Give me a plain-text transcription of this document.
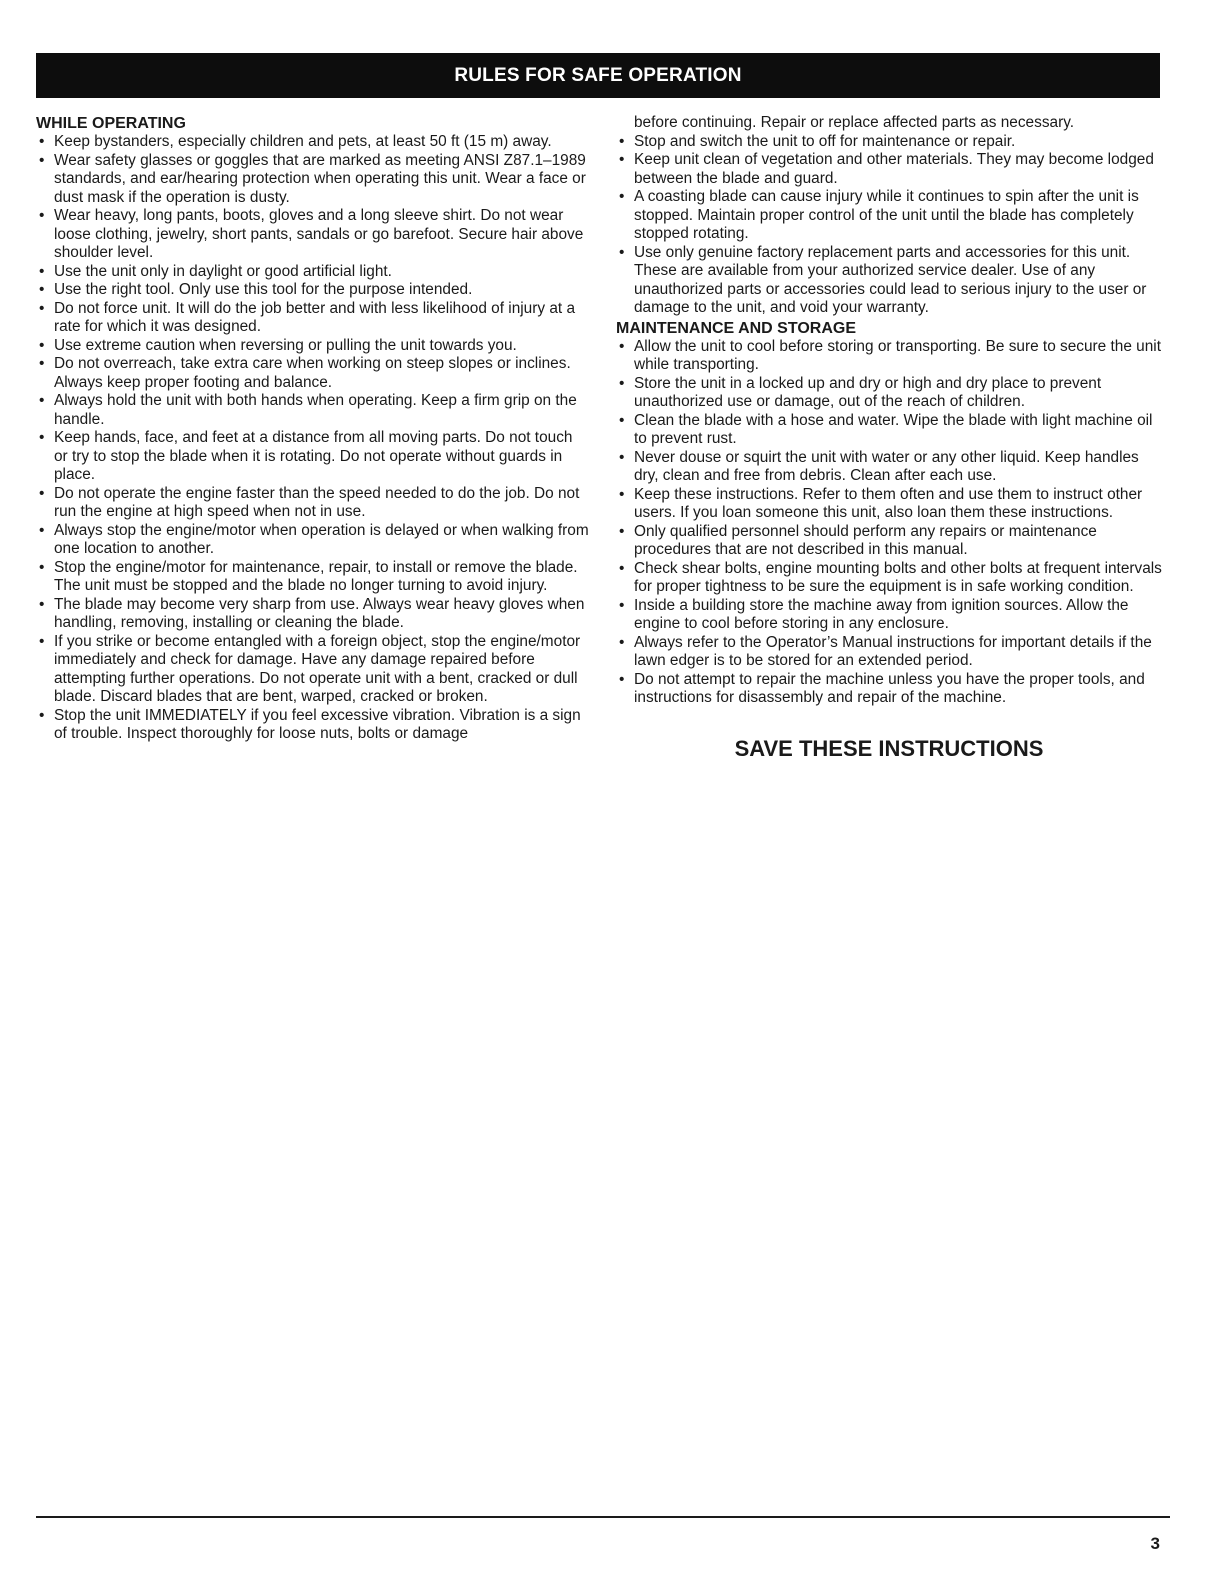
RULES FOR SAFE OPERATION
WHILE OPERATING
• Keep bystanders, especially children and pets, at least 50 ft (15 m) away.
• Wear safety glasses or goggles that are marked as meeting ANSI Z87.1–1989 standards, and ear/hearing protection when operating this unit. Wear a face or dust mask if the operation is dusty.
• Wear heavy, long pants, boots, gloves and a long sleeve shirt. Do not wear loose clothing, jewelry, short pants, sandals or go barefoot. Secure hair above shoulder level.
• Use the unit only in daylight or good artificial light.
• Use the right tool. Only use this tool for the purpose intended.
• Do not force unit. It will do the job better and with less likelihood of injury at a rate for which it was designed.
• Use extreme caution when reversing or pulling the unit towards you.
• Do not overreach, take extra care when working on steep slopes or inclines. Always keep proper footing and balance.
• Always hold the unit with both hands when operating. Keep a firm grip on the handle.
• Keep hands, face, and feet at a distance from all moving parts. Do not touch or try to stop the blade when it is rotating. Do not operate without guards in place.
• Do not operate the engine faster than the speed needed to do the job. Do not run the engine at high speed when not in use.
• Always stop the engine/motor when operation is delayed or when walking from one location to another.
• Stop the engine/motor for maintenance, repair, to install or remove the blade. The unit must be stopped and the blade no longer turning to avoid injury.
• The blade may become very sharp from use. Always wear heavy gloves when handling, removing, installing or cleaning the blade.
• If you strike or become entangled with a foreign object, stop the engine/motor immediately and check for damage. Have any damage repaired before attempting further operations. Do not operate unit with a bent, cracked or dull blade. Discard blades that are bent, warped, cracked or broken.
• Stop the unit IMMEDIATELY if you feel excessive vibration. Vibration is a sign of trouble. Inspect thoroughly for loose nuts, bolts or damage
before continuing. Repair or replace affected parts as necessary.
• Stop and switch the unit to off for maintenance or repair.
• Keep unit clean of vegetation and other materials. They may become lodged between the blade and guard.
• A coasting blade can cause injury while it continues to spin after the unit is stopped. Maintain proper control of the unit until the blade has completely stopped rotating.
• Use only genuine factory replacement parts and accessories for this unit. These are available from your authorized service dealer. Use of any unauthorized parts or accessories could lead to serious injury to the user or damage to the unit, and void your warranty.
MAINTENANCE AND STORAGE
• Allow the unit to cool before storing or transporting. Be sure to secure the unit while transporting.
• Store the unit in a locked up and dry or high and dry place to prevent unauthorized use or damage, out of the reach of children.
• Clean the blade with a hose and water. Wipe the blade with light machine oil to prevent rust.
• Never douse or squirt the unit with water or any other liquid. Keep handles dry, clean and free from debris. Clean after each use.
• Keep these instructions. Refer to them often and use them to instruct other users. If you loan someone this unit, also loan them these instructions.
• Only qualified personnel should perform any repairs or maintenance procedures that are not described in this manual.
• Check shear bolts, engine mounting bolts and other bolts at frequent intervals for proper tightness to be sure the equipment is in safe working condition.
• Inside a building store the machine away from ignition sources. Allow the engine to cool before storing in any enclosure.
• Always refer to the Operator’s Manual instructions for important details if the lawn edger is to be stored for an extended period.
• Do not attempt to repair the machine unless you have the proper tools, and instructions for disassembly and repair of the machine.
SAVE THESE INSTRUCTIONS
3
